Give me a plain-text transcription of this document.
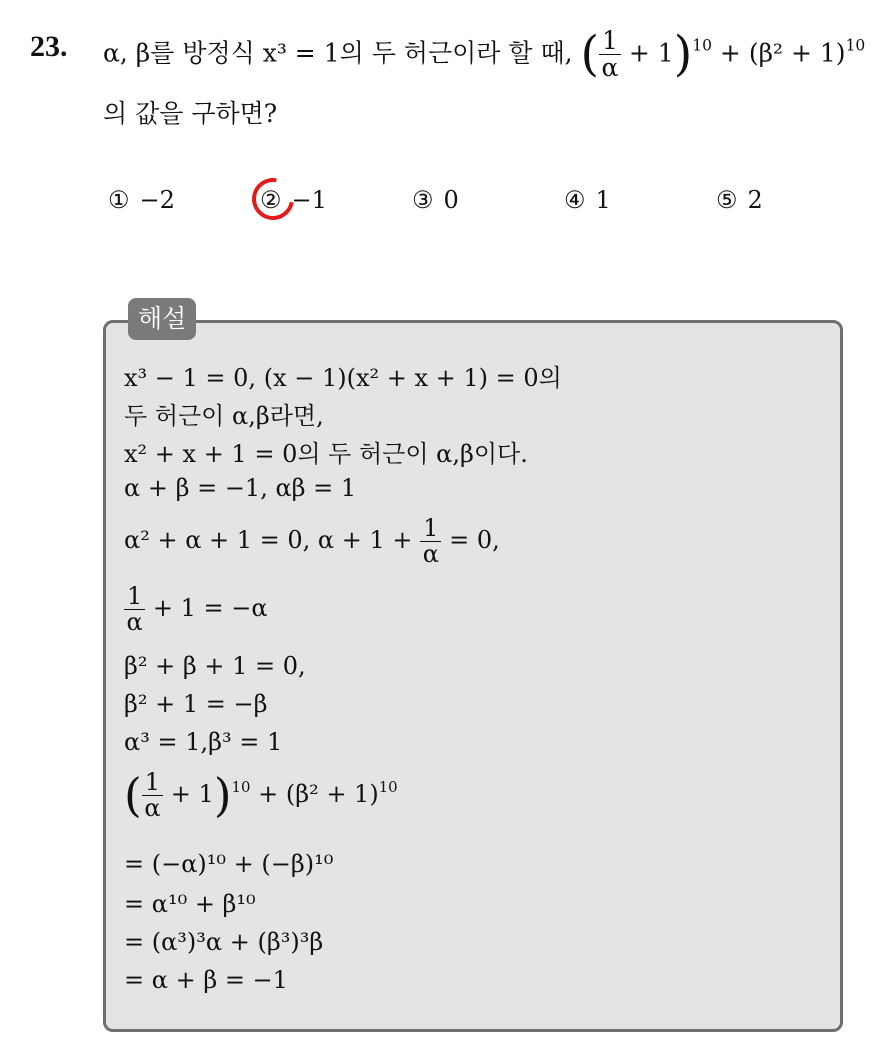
23. α, β를 방정식 x³ = 1의 두 허근이라 할 때, ( $\frac{1}{\alpha} + 1)^{10} + (\beta^2 + 1)^{10}$
의 값을 구하면?
① −2	② −1	③ 0	④ 1	⑤ 2
해설
x³ − 1 = 0, (x − 1)(x² + x + 1) = 0의
두 허근이 α,β라면,
x² + x + 1 = 0의 두 허근이 α,β이다.
α + β = −1, αβ = 1
α² + α + 1 = 0, $\alpha + 1 + \frac{1}{\alpha} = 0$,
$\frac{1}{\alpha} + 1 = -\alpha$
β² + β + 1 = 0,
β² + 1 = −β
α³ = 1,β³ = 1
( $\frac{1}{\alpha} + 1)^{10} + (\beta^2 + 1)^{10}$
= (−α)¹⁰ + (−β)¹⁰
= α¹⁰ + β¹⁰
= (α³)³α + (β³)³β
= α + β = −1
